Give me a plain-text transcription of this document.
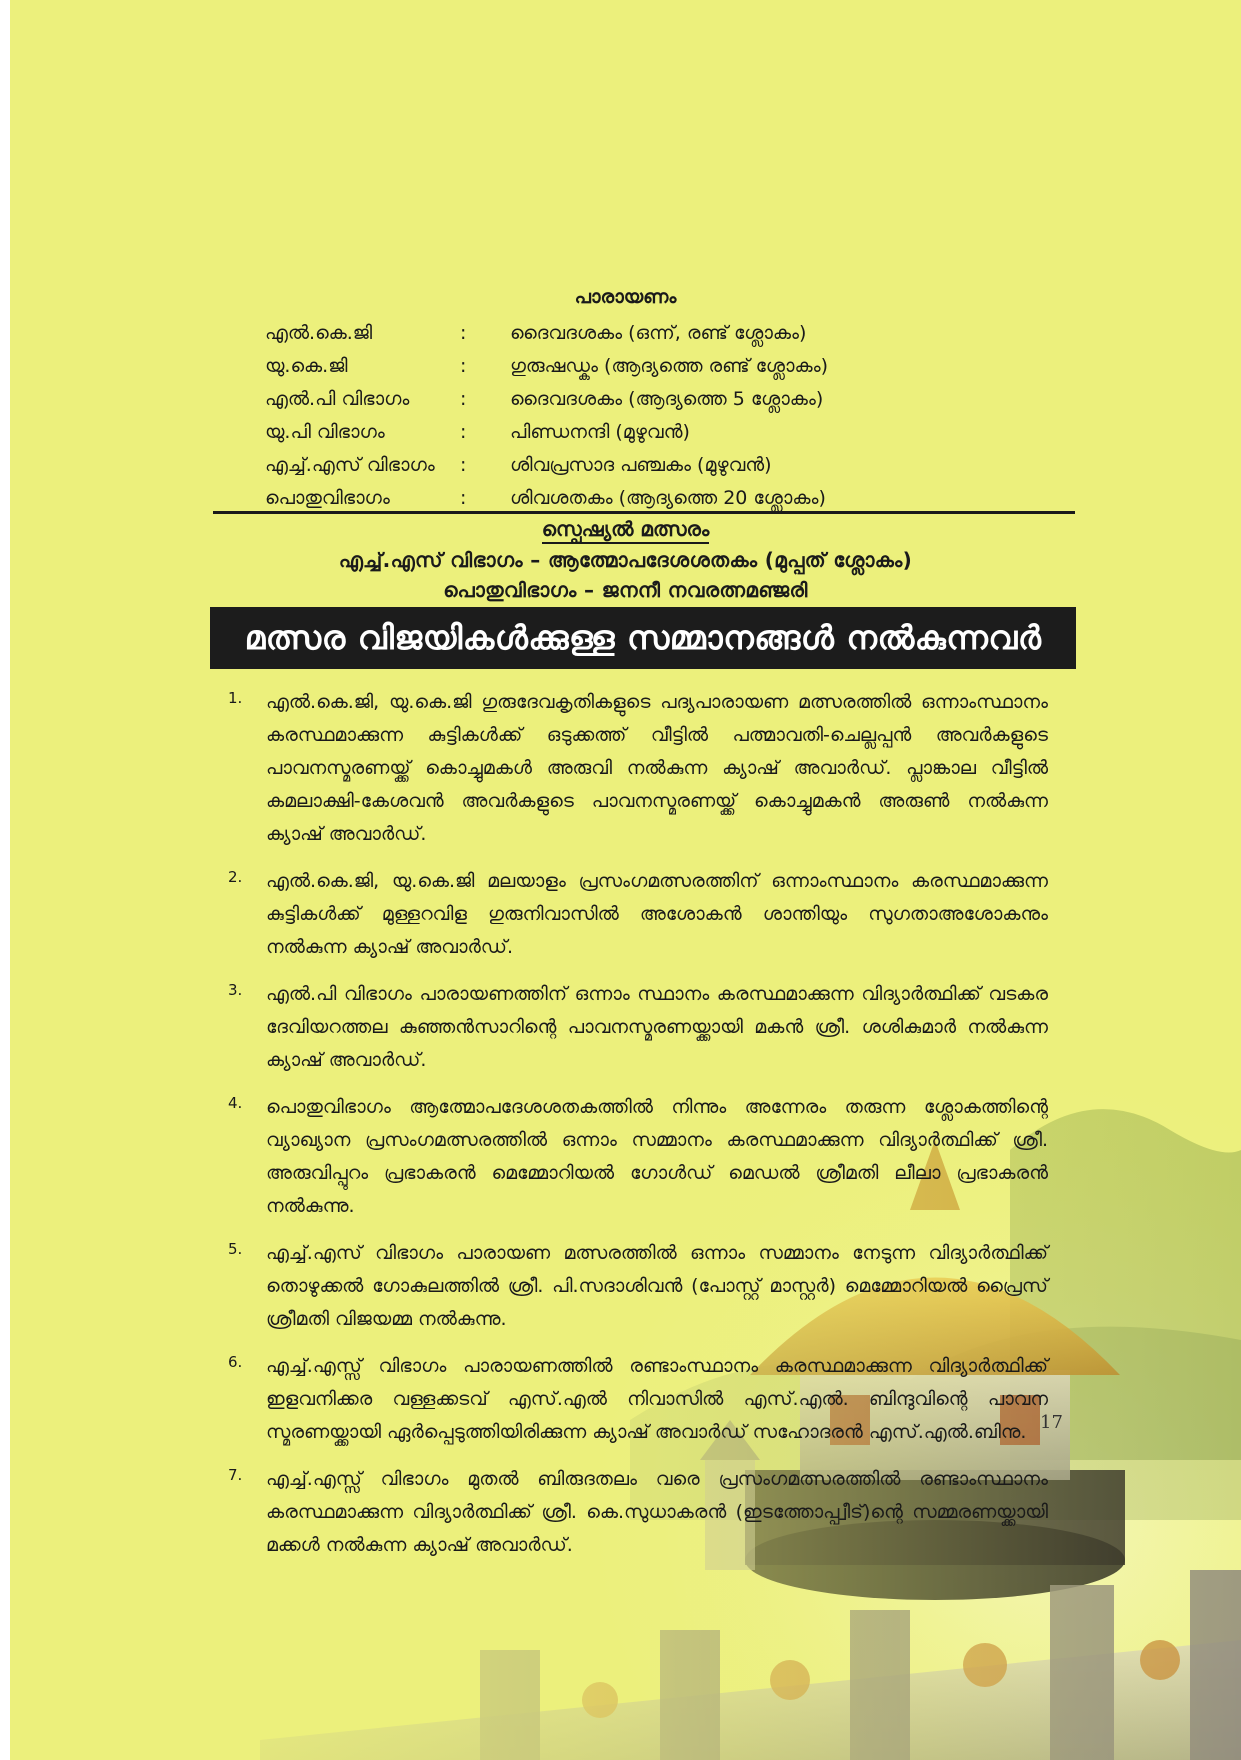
പാരായണം
എൽ.കെ.ജി	:	ദൈവദശകം (ഒന്ന്, രണ്ട് ശ്ലോകം)
യു.കെ.ജി	:	ഗുരുഷഡ്കം (ആദ്യത്തെ രണ്ട് ശ്ലോകം)
എൽ.പി വിഭാഗം	:	ദൈവദശകം (ആദ്യത്തെ 5 ശ്ലോകം)
യു.പി വിഭാഗം	:	പിണ്ഡനന്ദി (മുഴുവൻ)
എച്ച്.എസ് വിഭാഗം	:	ശിവപ്രസാദ പഞ്ചകം (മുഴുവൻ)
പൊതുവിഭാഗം	:	ശിവശതകം (ആദ്യത്തെ 20 ശ്ലോകം)
സ്പെഷ്യൽ മത്സരം
എച്ച്.എസ് വിഭാഗം – ആത്മോപദേശശതകം (മുപ്പത് ശ്ലോകം)
പൊതുവിഭാഗം – ജനനീ നവരത്നമഞ്ജരി
മത്സര വിജയികൾക്കുള്ള സമ്മാനങ്ങൾ നൽകുന്നവർ
1.	എൽ.കെ.ജി, യു.കെ.ജി ഗുരുദേവകൃതികളുടെ പദ്യപാരായണ മത്സരത്തിൽ ഒന്നാംസ്ഥാനം കരസ്ഥമാക്കുന്ന കുട്ടികൾക്ക് ഒടുക്കത്ത് വീട്ടിൽ പത്മാവതി-ചെല്ലപ്പൻ അവർകളുടെ പാവനസ്മരണയ്ക്ക് കൊച്ചുമകൾ അരുവി നൽകുന്ന ക്യാഷ് അവാർഡ്. പ്ലാങ്കാല വീട്ടിൽ കമലാക്ഷി-കേശവൻ അവർകളുടെ പാവനസ്മരണയ്ക്ക് കൊച്ചുമകൻ അരുൺ നൽകുന്ന ക്യാഷ് അവാർഡ്.
2.	എൽ.കെ.ജി, യു.കെ.ജി മലയാളം പ്രസംഗമത്സരത്തിന് ഒന്നാംസ്ഥാനം കരസ്ഥമാക്കുന്ന കുട്ടികൾക്ക് മുള്ളറവിള ഗുരുനിവാസിൽ അശോകൻ ശാന്തിയും സുഗതാഅശോകനും നൽകുന്ന ക്യാഷ് അവാർഡ്.
3.	എൽ.പി വിഭാഗം പാരായണത്തിന് ഒന്നാം സ്ഥാനം കരസ്ഥമാക്കുന്ന വിദ്യാർത്ഥിക്ക് വടകര ദേവിയറത്തല കുഞ്ഞൻസാറിന്റെ പാവനസ്മരണയ്ക്കായി മകൻ ശ്രീ. ശശികുമാർ നൽകുന്ന ക്യാഷ് അവാർഡ്.
4.	പൊതുവിഭാഗം ആത്മോപദേശശതകത്തിൽ നിന്നും അന്നേരം തരുന്ന ശ്ലോകത്തിന്റെ വ്യാഖ്യാന പ്രസംഗമത്സരത്തിൽ ഒന്നാം സമ്മാനം കരസ്ഥമാക്കുന്ന വിദ്യാർത്ഥിക്ക് ശ്രീ. അരുവിപ്പുറം പ്രഭാകരൻ മെമ്മോറിയൽ ഗോൾഡ് മെഡൽ ശ്രീമതി ലീലാ പ്രഭാകരൻ നൽകുന്നു.
5.	എച്ച്.എസ് വിഭാഗം പാരായണ മത്സരത്തിൽ ഒന്നാം സമ്മാനം നേടുന്ന വിദ്യാർത്ഥിക്ക് തൊഴുക്കൽ ഗോകുലത്തിൽ ശ്രീ. പി.സദാശിവൻ (പോസ്റ്റ് മാസ്റ്റർ) മെമ്മോറിയൽ പ്രൈസ് ശ്രീമതി വിജയമ്മ നൽകുന്നു.
6.	എച്ച്.എസ്സ് വിഭാഗം പാരായണത്തിൽ രണ്ടാംസ്ഥാനം കരസ്ഥമാക്കുന്ന വിദ്യാർത്ഥിക്ക് ഇളവനിക്കര വള്ളക്കടവ് എസ്.എൽ നിവാസിൽ എസ്.എൽ. ബിന്ദുവിന്റെ പാവന സ്മരണയ്ക്കായി ഏർപ്പെടുത്തിയിരിക്കുന്ന ക്യാഷ് അവാർഡ് സഹോദരൻ എസ്.എൽ.ബിനു.
7.	എച്ച്.എസ്സ് വിഭാഗം മുതൽ ബിരുദതലം വരെ പ്രസംഗമത്സരത്തിൽ രണ്ടാംസ്ഥാനം കരസ്ഥമാക്കുന്ന വിദ്യാർത്ഥിക്ക് ശ്രീ. കെ.സുധാകരൻ (ഇടത്തോപ്പ്വീട്)ന്റെ സമ്മരണയ്ക്കായി മക്കൾ നൽകുന്ന ക്യാഷ് അവാർഡ്.
17
